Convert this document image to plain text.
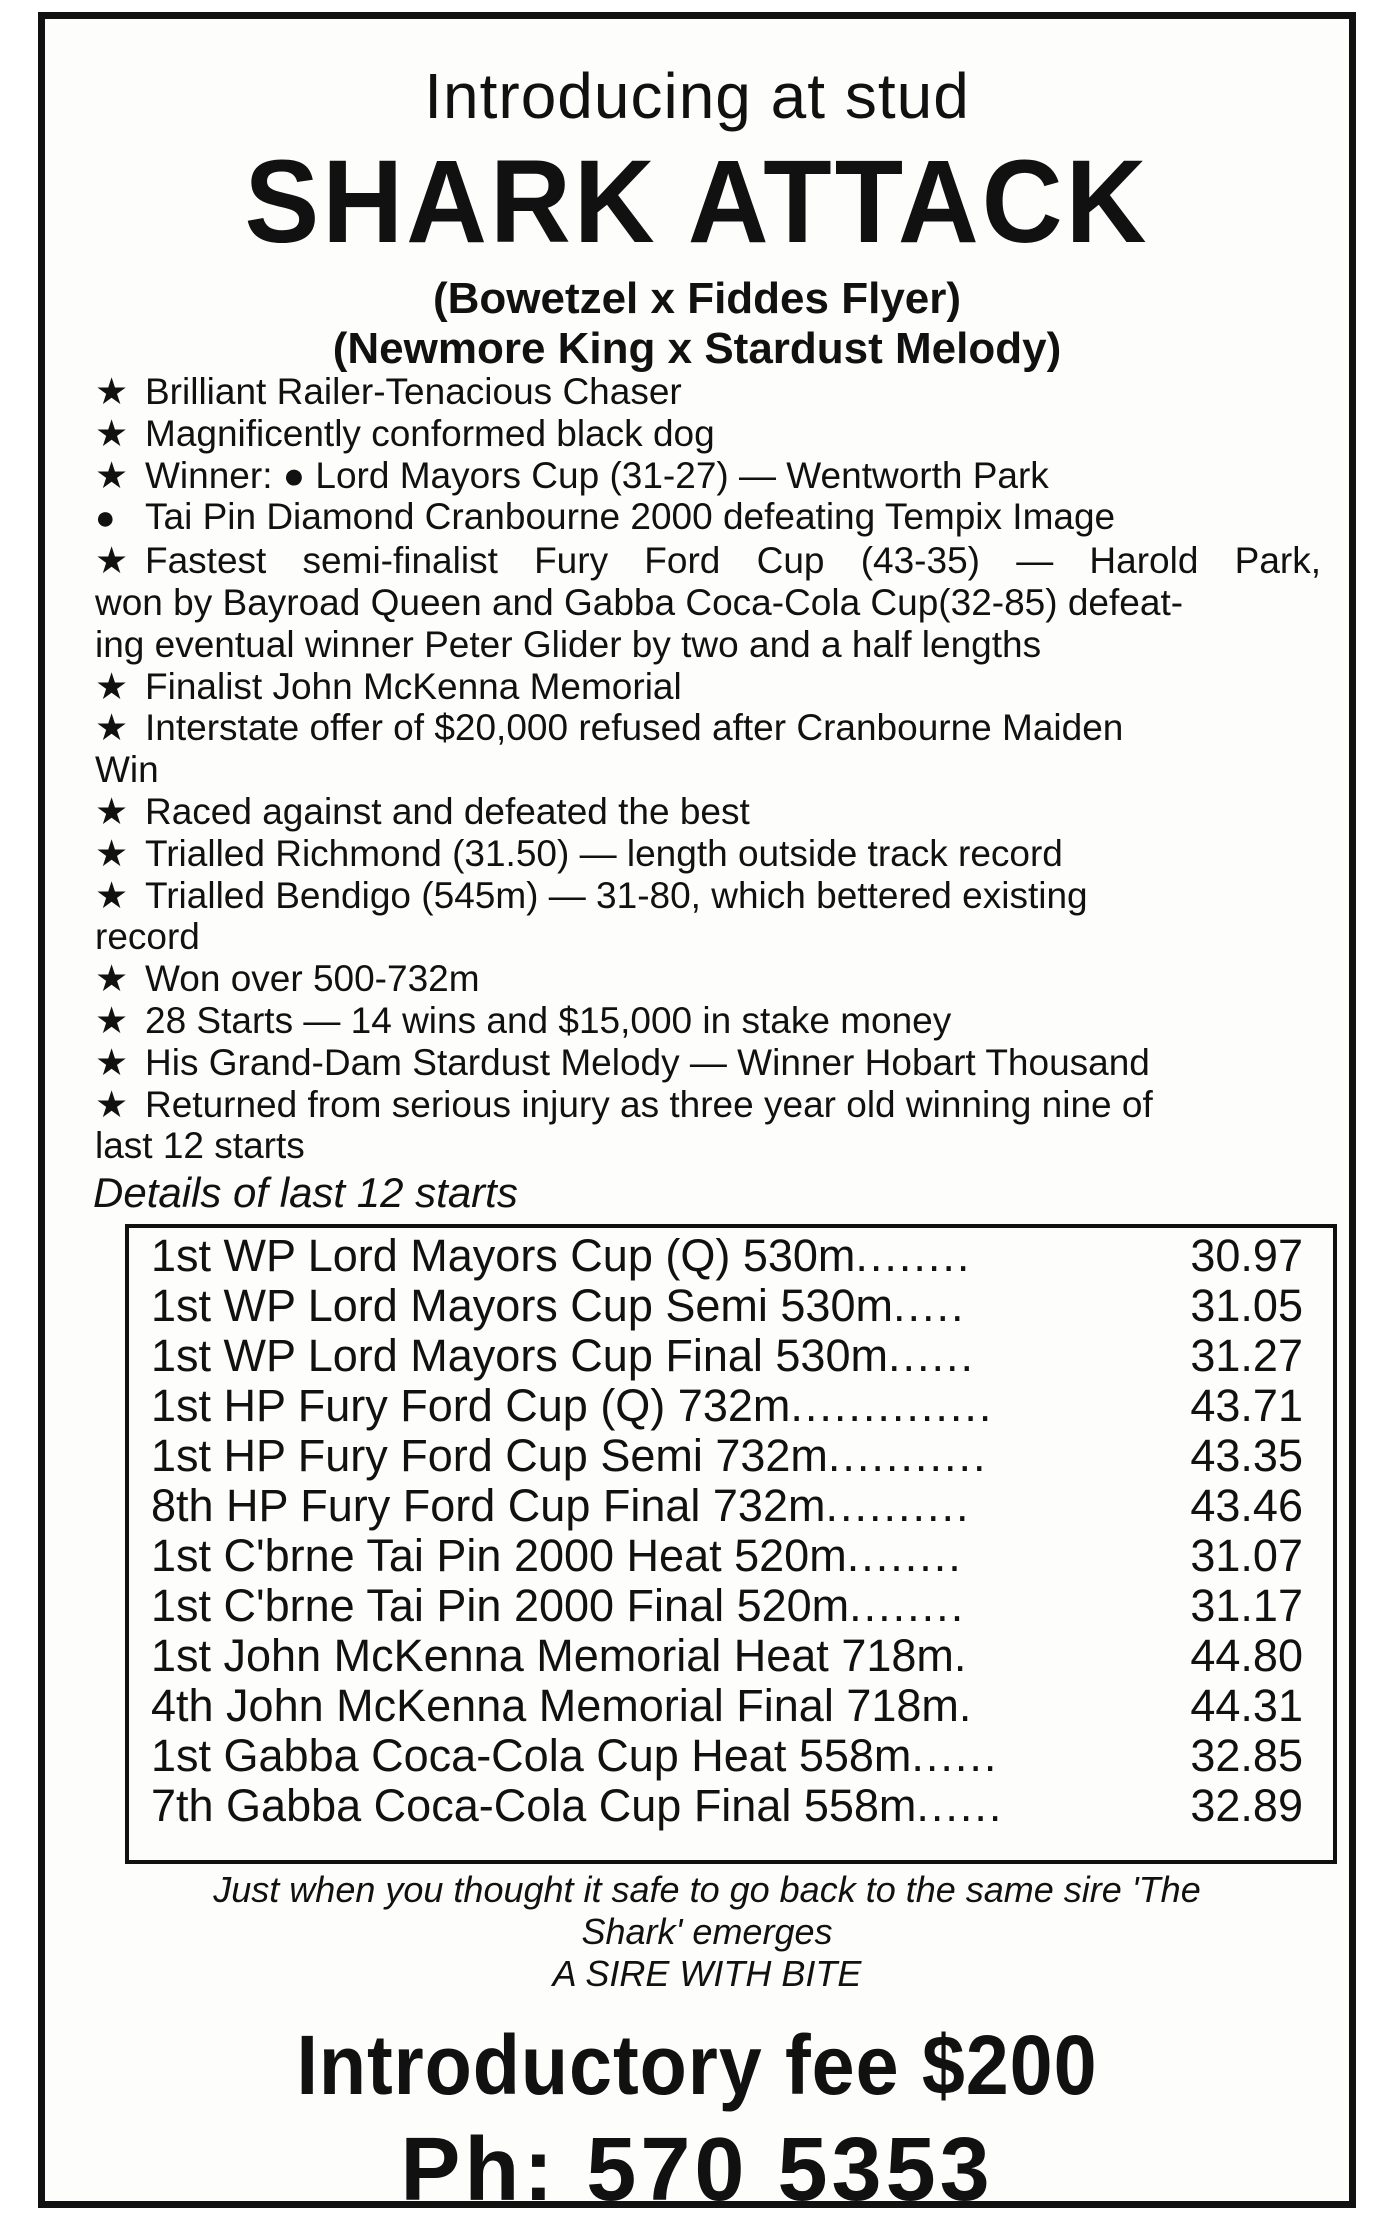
Introducing at stud
SHARK ATTACK
(Bowetzel x Fiddes Flyer)
(Newmore King x Stardust Melody)
★ Brilliant Railer-Tenacious Chaser
★ Magnificently conformed black dog
★ Winner: ● Lord Mayors Cup (31-27) — Wentworth Park
● Tai Pin Diamond Cranbourne 2000 defeating Tempix Image
★ Fastest semi-finalist Fury Ford Cup (43-35) — Harold Park,
won by Bayroad Queen and Gabba Coca-Cola Cup(32-85) defeat-
ing eventual winner Peter Glider by two and a half lengths
★ Finalist John McKenna Memorial
★ Interstate offer of $20,000 refused after Cranbourne Maiden
Win
★ Raced against and defeated the best
★ Trialled Richmond (31.50) — length outside track record
★ Trialled Bendigo (545m) — 31-80, which bettered existing
record
★ Won over 500-732m
★ 28 Starts — 14 wins and $15,000 in stake money
★ His Grand-Dam Stardust Melody — Winner Hobart Thousand
★ Returned from serious injury as three year old winning nine of
last 12 starts
Details of last 12 starts
1st WP Lord Mayors Cup (Q) 530m ........	30.97
1st WP Lord Mayors Cup Semi 530m .....	31.05
1st WP Lord Mayors Cup Final 530m ......	31.27
1st HP Fury Ford Cup (Q) 732m ..............	43.71
1st HP Fury Ford Cup Semi 732m ...........	43.35
8th HP Fury Ford Cup Final 732m ..........	43.46
1st C'brne Tai Pin 2000 Heat 520m ........	31.07
1st C'brne Tai Pin 2000 Final 520m ........	31.17
1st John McKenna Memorial Heat 718m .	44.80
4th John McKenna Memorial Final 718m .	44.31
1st Gabba Coca-Cola Cup Heat 558m ......	32.85
7th Gabba Coca-Cola Cup Final 558m ......	32.89
Just when you thought it safe to go back to the same sire 'The
Shark' emerges
A SIRE WITH BITE
Introductory fee $200
Ph: 570 5353
